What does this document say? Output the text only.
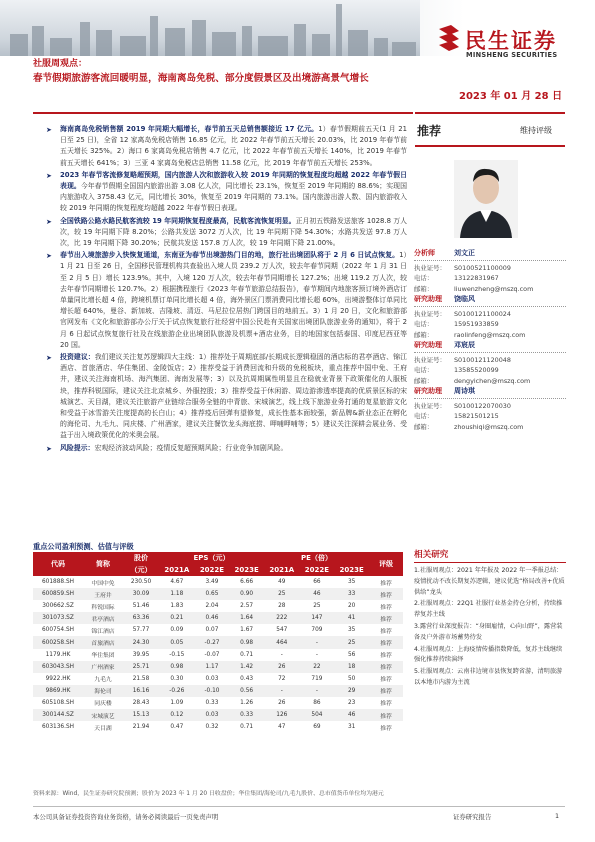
民生证券
MINSHENG SECURITIES
社服周观点：
春节假期旅游客流回暖明显，海南离岛免税、部分度假景区及出境游高景气增长
2023 年 01 月 28 日
推荐	维持评级

➤ 海南离岛免税销售额 2019 年同期大幅增长，春节前五天总销售额接近 17 亿元。1）春节假期前五天(1 月 21 日至 25 日)，全省 12 家离岛免税店销售 16.85 亿元，比 2022 年春节前五天增长 20.03%，比 2019 年春节前五天增长 325%。2）海口 6 家离岛免税店销售 4.7 亿元，比 2022 年春节前五天增长 140%，比 2019 年春节前五天增长 641%；3）三亚 4 家离岛免税店总销售 11.58 亿元，比 2019 年春节前五天增长 253%。

➤ 2023 年春节客流修复略超预期，国内旅游人次和旅游收入较 2019 年同期的恢复程度均超越 2022 年春节假日表现。今年春节假期全国国内旅游出游 3.08 亿人次，同比增长 23.1%，恢复至 2019 年同期的 88.6%；实现国内旅游收入 3758.43 亿元，同比增长 30%，恢复至 2019 年同期的 73.1%。国内旅游出游人数、国内旅游收入较 2019 年同期的恢复程度均超越 2022 年春节假日表现。

➤ 全国铁路公路水路民航客流较 19 年同期恢复程度最高，民航客流恢复明显。正月初五铁路发送旅客 1028.8 万人次，较 19 年同期下降 8.20%；公路共发送 3072 万人次，比 19 年同期下降 54.30%；水路共发送 97.8 万人次，比 19 年同期下降 30.20%；民航共发送 157.8 万人次，较 19 年同期下降 21.00%。

➤ 春节出入境旅游步入快恢复通道，东南亚为春节出境游热门目的地，旅行社出境团队将于 2 月 6 日试点恢复。1）1 月 21 日至 26 日，全国移民管理机构共查验出入境人员 239.2 万人次，较去年春节同期（2022 年 1 月 31 日至 2 月 5 日）增长 123.9%。其中，入境 120 万人次，较去年春节同期增长 127.2%；出境 119.2 万人次，较去年春节同期增长 120.7%。2）根据携程旅行《2023 年春节旅游总结报告》，春节期间内地旅客预订境外酒店订单量同比增长超 4 倍，跨境机票订单同比增长超 4 倍，海外景区门票消费同比增长超 60%，出境游整体订单同比增长超 640%，曼谷、新加坡、吉隆坡、清迈、马尼拉位居热门跨国目的地前五。3）1 月 20 日，文化和旅游部官网发布《文化和旅游部办公厅关于试点恢复旅行社经营中国公民赴有关国家出境团队旅游业务的通知》，将于 2 月 6 日起试点恢复旅行社及在线旅游企业出境团队旅游及机票+酒店业务，目的地国家包括泰国、印度尼西亚等 20 国。

➤ 投资建议：我们建议关注复苏逻辑四大主线：1）推荐处于周期底部/长期成长逻辑稳固的酒店标的君亭酒店、锦江酒店、首旅酒店、华住集团、金陵饭店；2）推荐受益于消费回流和升级的免税板块，重点推荐中国中免、王府井，建议关注海南机场、海汽集团、海南发展等；3）以及抗周期属性明显且在稳就业背景下政策催化的人服板块，推荐科锐国际，建议关注北京城乡、外服控股；3）推荐受益于休闲游、周边游渗透率提高的优质景区标的宋城演艺、天目湖，建议关注旅游产业链综合服务全链的中青旅、宋城演艺，线上线下旅游业务打通的复星旅游文化和受益于冰雪游关注度提高的长白山；4）推荐疫后回弹有望修复，成长性基本面较强，新品牌&新业态正在孵化的海伦司、九毛九、同庆楼、广州酒家，建议关注餐饮龙头海底捞、呷哺呷哺等；5）建议关注深耕会展业务、受益于出入境政策优化的米奥会展。

➤ 风险提示：宏观经济波动风险；疫情反复超预期风险；行业竞争加剧风险。

分析师	刘文正
执业证号：	S0100521100009
电话：	13122831967
邮箱：	liuwenzheng@mszq.com
研究助理	饶临风
执业证号：	S0100121100024
电话：	15951933859
邮箱：	raolinfeng@mszq.com
研究助理	邓宸辰
执业证号：	S0100121120048
电话：	13585520099
邮箱：	dengyichen@mszq.com
研究助理	周诗琪
执业证号：	S0100122070030
电话：	15821501215
邮箱：	zhoushiqi@mszq.com
相关研究

1.社服周观点：2021 年年报及 2022 年一季报总结：疫情扰动不改长期复苏逻辑，建议优选“格局改善+优质供给”龙头

2.社服周观点：22Q1 社服行业基金持仓分析，持续推荐复苏主线

3.露营行业深度报告：“身圈雇情，心向山野”，露营装备及户外游市场蓄势待发

4.社服周观点：上海疫情传播指数降低，复苏主线继续强化推荐持续演绎

5.社服周观点：云南非边境市县恢复跨省游，清明旅游以本地市内游为主流

重点公司盈利预测、估值与评级
代码	简称	股价	EPS（元）			PE（倍）			评级
		（元）	2021A	2022E	2023E	2021A	2022E	2023E	
601888.SH	中国中免	230.50	4.67	3.49	6.66	49	66	35	推荐
600859.SH	王府井	30.09	1.18	0.65	0.90	25	46	33	推荐
300662.SZ	科锐国际	51.46	1.83	2.04	2.57	28	25	20	推荐
301073.SZ	君亭酒店	63.36	0.21	0.46	1.64	222	147	41	推荐
600754.SH	锦江酒店	57.77	0.09	0.07	1.67	547	709	35	推荐
600258.SH	首旅酒店	24.30	0.05	-0.27	0.98	464	-	25	推荐
1179.HK	华住集团	39.95	-0.15	-0.07	0.71	-	-	56	推荐
603043.SH	广州酒家	25.71	0.98	1.17	1.42	26	22	18	推荐
9922.HK	九毛九	21.58	0.30	0.03	0.43	72	719	50	推荐
9869.HK	海伦司	16.16	-0.26	-0.10	0.56	-	-	29	推荐
605108.SH	同庆楼	28.43	1.09	0.33	1.26	26	86	23	推荐
300144.SZ	宋城演艺	15.13	0.12	0.03	0.33	126	504	46	推荐
603136.SH	天目湖	21.94	0.47	0.32	0.71	47	69	31	推荐
本公司具备证券投资咨询业务资格，请务必阅读最后一页免责声明	证券研究报告	1
资料来源：Wind，民生证券研究院预测；股价为 2023 年 1 月 20 日收盘价；华住集团/海伦司/九毛九股价、总市值货币单位均为港元
